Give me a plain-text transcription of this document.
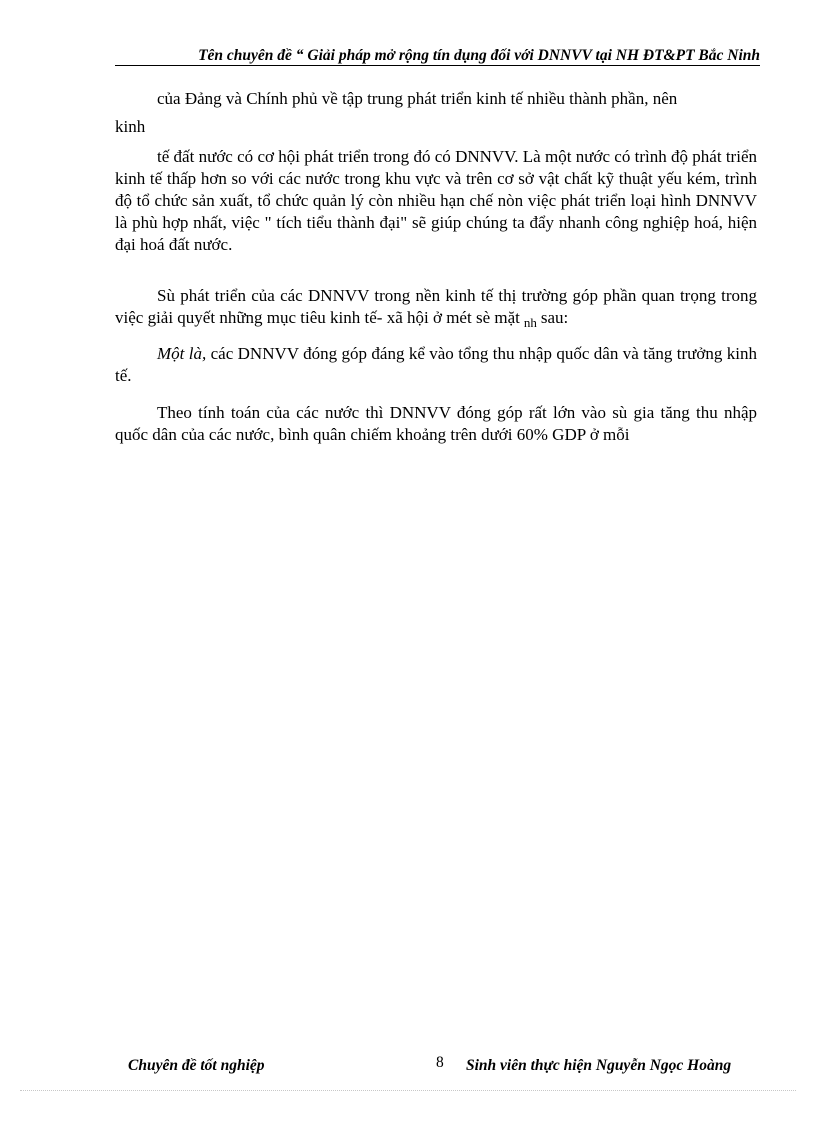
Tên chuyên đề “ Giải pháp mở rộng tín dụng đối với DNNVV tại NH ĐT&PT Bắc Ninh

của Đảng và Chính phủ về tập trung phát triển kinh tế nhiều thành phần, nên

kinh

tế đất nước có cơ hội phát triển trong đó có DNNVV. Là một nước có trình độ phát triển kinh tế thấp hơn so với các nước trong khu vực và trên cơ sở vật chất kỹ thuật yếu kém, trình độ tổ chức sản xuất, tổ chức quản lý còn nhiều hạn chế nòn việc phát triển loại hình DNNVV là phù hợp nhất, việc " tích tiểu thành đại" sẽ giúp chúng ta đẩy nhanh công nghiệp hoá, hiện đại hoá đất nước.

Sù phát triển của các DNNVV trong nền kinh tế thị trường góp phần quan trọng trong việc giải quyết những mục tiêu kinh tế- xã hội ở mét sè mặt $_{nh}$ sau:

Một là, các DNNVV đóng góp đáng kể vào tổng thu nhập quốc dân và tăng trưởng kinh tế.

Theo tính toán của các nước thì DNNVV đóng góp rất lớn vào sù gia tăng thu nhập quốc dân của các nước, bình quân chiếm khoảng trên dưới 60% GDP ở mỗi

Chuyên đề tốt nghiệp	8 Sinh viên thực hiện Nguyễn Ngọc Hoàng
